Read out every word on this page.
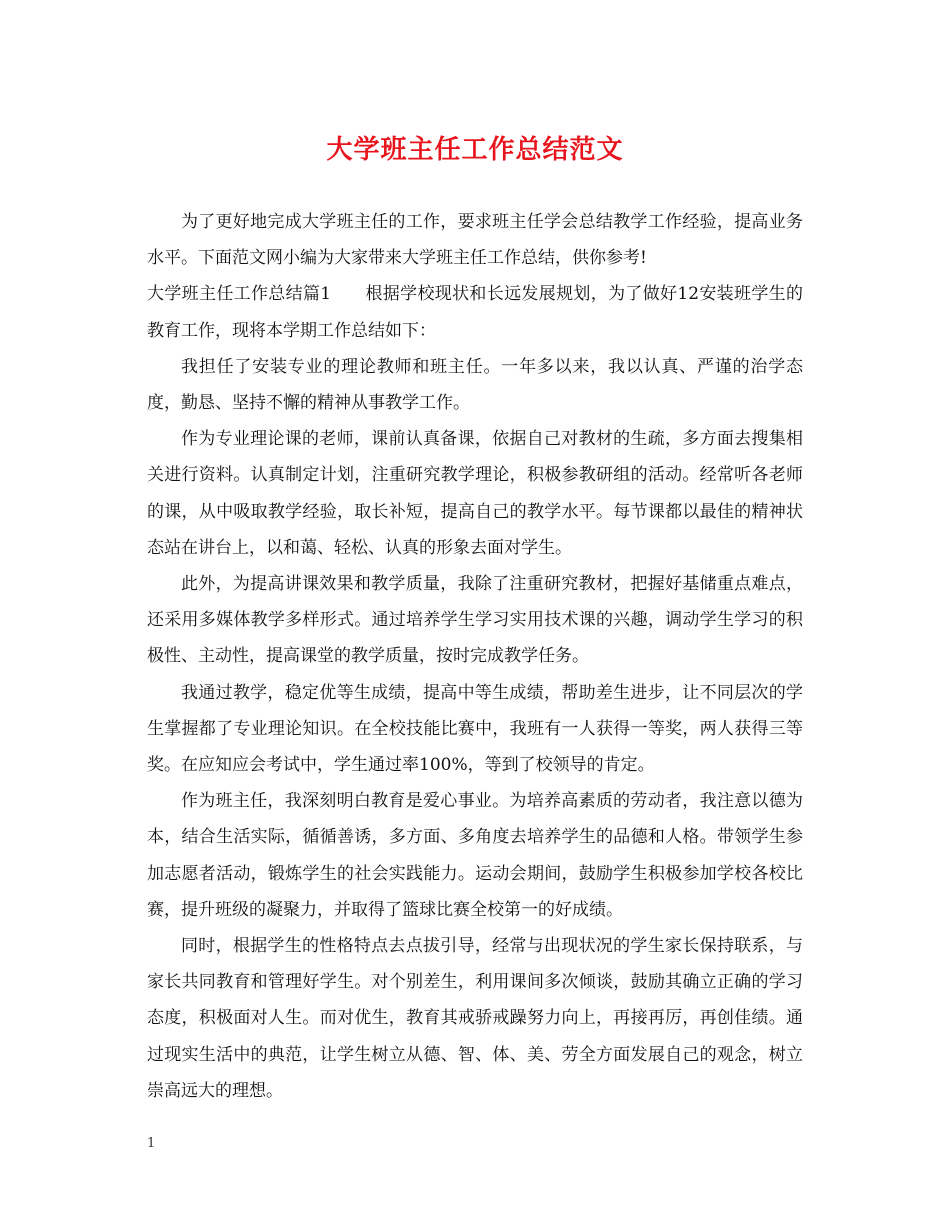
大学班主任工作总结范文

为了更好地完成大学班主任的工作，要求班主任学会总结教学工作经验，提高业务水平。下面范文网小编为大家带来大学班主任工作总结，供你参考!

大学班主任工作总结篇1 根据学校现状和长远发展规划，为了做好12安装班学生的教育工作，现将本学期工作总结如下：

我担任了安装专业的理论教师和班主任。一年多以来，我以认真、严谨的治学态度，勤恳、坚持不懈的精神从事教学工作。

作为专业理论课的老师，课前认真备课，依据自己对教材的生疏，多方面去搜集相关进行资料。认真制定计划，注重研究教学理论，积极参教研组的活动。经常听各老师的课，从中吸取教学经验，取长补短，提高自己的教学水平。每节课都以最佳的精神状态站在讲台上，以和蔼、轻松、认真的形象去面对学生。

此外，为提高讲课效果和教学质量，我除了注重研究教材，把握好基储重点难点，还采用多媒体教学多样形式。通过培养学生学习实用技术课的兴趣，调动学生学习的积极性、主动性，提高课堂的教学质量，按时完成教学任务。

我通过教学，稳定优等生成绩，提高中等生成绩，帮助差生进步，让不同层次的学生掌握都了专业理论知识。在全校技能比赛中，我班有一人获得一等奖，两人获得三等奖。在应知应会考试中，学生通过率100%，等到了校领导的肯定。

作为班主任，我深刻明白教育是爱心事业。为培养高素质的劳动者，我注意以德为本，结合生活实际，循循善诱，多方面、多角度去培养学生的品德和人格。带领学生参加志愿者活动，锻炼学生的社会实践能力。运动会期间，鼓励学生积极参加学校各校比赛，提升班级的凝聚力，并取得了篮球比赛全校第一的好成绩。

同时，根据学生的性格特点去点拔引导，经常与出现状况的学生家长保持联系，与家长共同教育和管理好学生。对个别差生，利用课间多次倾谈，鼓励其确立正确的学习态度，积极面对人生。而对优生，教育其戒骄戒躁努力向上，再接再厉，再创佳绩。通过现实生活中的典范，让学生树立从德、智、体、美、劳全方面发展自己的观念，树立崇高远大的理想。

1
